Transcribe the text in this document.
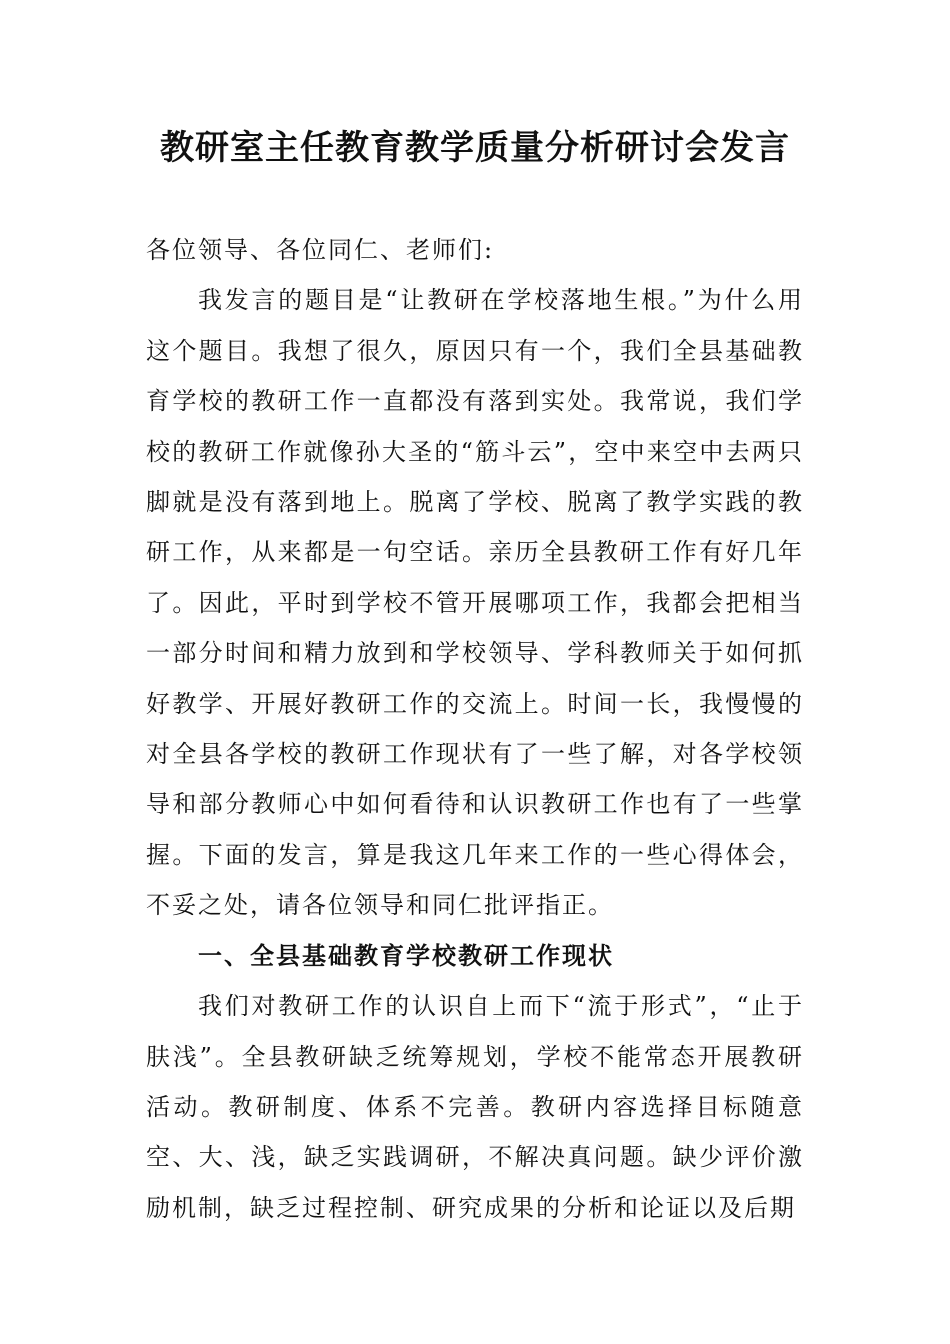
教研室主任教育教学质量分析研讨会发言

各位领导、各位同仁、老师们:

我发言的题目是“让教研在学校落地生根。”为什么用这个题目。我想了很久，原因只有一个，我们全县基础教育学校的教研工作一直都没有落到实处。我常说，我们学校的教研工作就像孙大圣的“筋斗云”，空中来空中去两只脚就是没有落到地上。脱离了学校、脱离了教学实践的教研工作，从来都是一句空话。亲历全县教研工作有好几年了。因此，平时到学校不管开展哪项工作，我都会把相当一部分时间和精力放到和学校领导、学科教师关于如何抓好教学、开展好教研工作的交流上。时间一长，我慢慢的对全县各学校的教研工作现状有了一些了解，对各学校领导和部分教师心中如何看待和认识教研工作也有了一些掌握。下面的发言，算是我这几年来工作的一些心得体会，不妥之处，请各位领导和同仁批评指正。

一、全县基础教育学校教研工作现状

我们对教研工作的认识自上而下“流于形式”，“止于肤浅”。全县教研缺乏统筹规划，学校不能常态开展教研活动。教研制度、体系不完善。教研内容选择目标随意空、大、浅，缺乏实践调研，不解决真问题。缺少评价激励机制，缺乏过程控制、研究成果的分析和论证以及后期
